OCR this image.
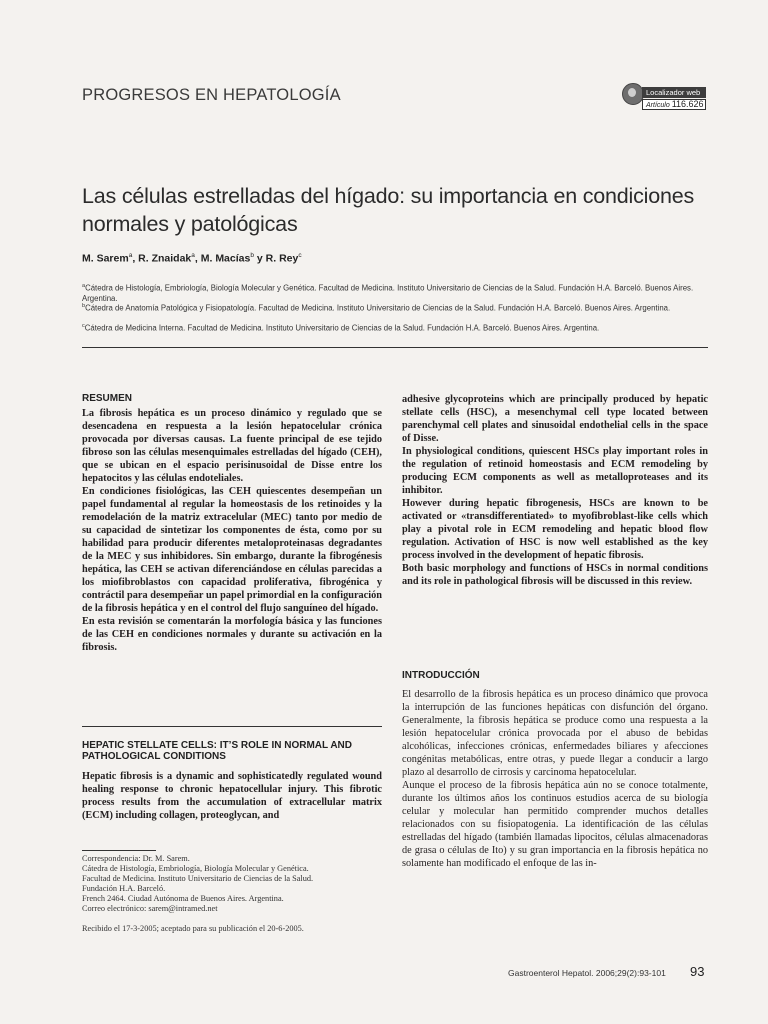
PROGRESOS EN HEPATOLOGÍA	Localizador web
Artículo 116.626
Las células estrelladas del hígado: su importancia en condiciones normales y patológicas
M. Sarem$^a$, R. Znaidak$^a$, M. Macías$^b$ y R. Rey$^c$
$^a$Cátedra de Histología, Embriología, Biología Molecular y Genética. Facultad de Medicina. Instituto Universitario de Ciencias de la Salud. Fundación H.A. Barceló. Buenos Aires. Argentina.
$^b$Cátedra de Anatomía Patológica y Fisiopatología. Facultad de Medicina. Instituto Universitario de Ciencias de la Salud. Fundación H.A. Barceló. Buenos Aires. Argentina.
$^c$Cátedra de Medicina Interna. Facultad de Medicina. Instituto Universitario de Ciencias de la Salud. Fundación H.A. Barceló. Buenos Aires. Argentina.
RESUMEN

La fibrosis hepática es un proceso dinámico y regulado que se desencadena en respuesta a la lesión hepatocelular crónica provocada por diversas causas. La fuente principal de ese tejido fibroso son las células mesenquimales estrelladas del hígado (CEH), que se ubican en el espacio perisinusoidal de Disse entre los hepatocitos y las células endoteliales.

En condiciones fisiológicas, las CEH quiescentes desempeñan un papel fundamental al regular la homeostasis de los retinoides y la remodelación de la matriz extracelular (MEC) tanto por medio de su capacidad de sintetizar los componentes de ésta, como por su habilidad para producir diferentes metaloproteinasas degradantes de la MEC y sus inhibidores. Sin embargo, durante la fibrogénesis hepática, las CEH se activan diferenciándose en células parecidas a los miofibroblastos con capacidad proliferativa, fibrogénica y contráctil para desempeñar un papel primordial en la configuración de la fibrosis hepática y en el control del flujo sanguíneo del hígado.

En esta revisión se comentarán la morfología básica y las funciones de las CEH en condiciones normales y durante su activación en la fibrosis.

HEPATIC STELLATE CELLS: IT’S ROLE IN NORMAL AND PATHOLOGICAL CONDITIONS

Hepatic fibrosis is a dynamic and sophisticatedly regulated wound healing response to chronic hepatocellular injury. This fibrotic process results from the accumulation of extracellular matrix (ECM) including collagen, proteoglycan, and

Correspondencia: Dr. M. Sarem.
Cátedra de Histología, Embriología, Biología Molecular y Genética.
Facultad de Medicina. Instituto Universitario de Ciencias de la Salud.
Fundación H.A. Barceló.
French 2464. Ciudad Autónoma de Buenos Aires. Argentina.
Correo electrónico: sarem@intramed.net
Recibido el 17-3-2005; aceptado para su publicación el 20-6-2005.

adhesive glycoproteins which are principally produced by hepatic stellate cells (HSC), a mesenchymal cell type located between parenchymal cell plates and sinusoidal endothelial cells in the space of Disse.

In physiological conditions, quiescent HSCs play important roles in the regulation of retinoid homeostasis and ECM remodeling by producing ECM components as well as metalloproteases and its inhibitor.

However during hepatic fibrogenesis, HSCs are known to be activated or «transdifferentiated» to myofibroblast-like cells which play a pivotal role in ECM remodeling and hepatic blood flow regulation. Activation of HSC is now well established as the key process involved in the development of hepatic fibrosis.

Both basic morphology and functions of HSCs in normal conditions and its role in pathological fibrosis will be discussed in this review.

INTRODUCCIÓN

El desarrollo de la fibrosis hepática es un proceso dinámico que provoca la interrupción de las funciones hepáticas con disfunción del órgano. Generalmente, la fibrosis hepática se produce como una respuesta a la lesión hepatocelular crónica provocada por el abuso de bebidas alcohólicas, infecciones crónicas, enfermedades biliares y afecciones congénitas metabólicas, entre otras, y puede llegar a conducir a largo plazo al desarrollo de cirrosis y carcinoma hepatocelular.

Aunque el proceso de la fibrosis hepática aún no se conoce totalmente, durante los últimos años los continuos estudios acerca de su biología celular y molecular han permitido comprender muchos detalles relacionados con su fisiopatogenia. La identificación de las células estrelladas del hígado (también llamadas lipocitos, células almacenadoras de grasa o células de Ito) y su gran importancia en la fibrosis hepática no solamente han modificado el enfoque de las in-

Gastroenterol Hepatol. 2006;29(2):93-101 93
